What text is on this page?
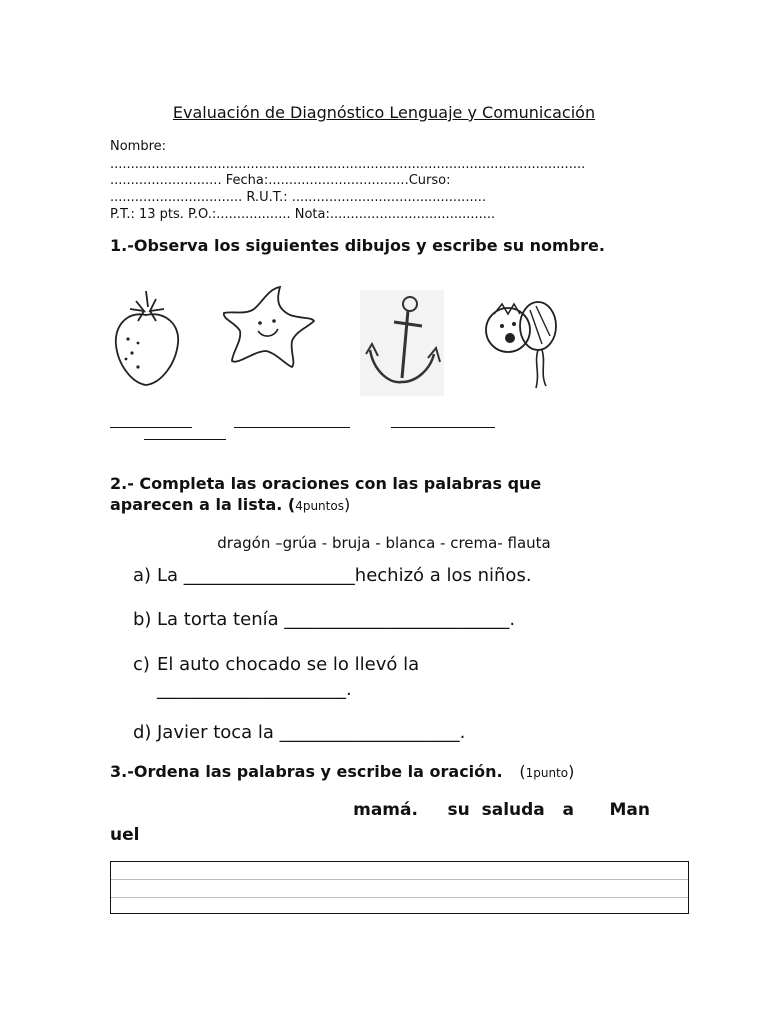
Evaluación de Diagnóstico Lenguaje y Comunicación
Nombre:
...................................................................................................................
........................... Fecha:..................................Curso:
................................ R.U.T.: ...............................................
P.T.: 13 pts. P.O.:.................. Nota:........................................
1.-Observa los siguientes dibujos y escribe su nombre.
2.- Completa las oraciones con las palabras que aparecen a la lista. (4puntos)
dragón –grúa - bruja - blanca - crema- flauta
a) La ___________________hechizó a los niños.
b) La torta tenía _________________________.
c) El auto chocado se lo llevó la
_____________________.
d) Javier toca la ____________________.
3.-Ordena las palabras y escribe la oración. (1punto)
mamá.     su  saluda   a      Man
uel
